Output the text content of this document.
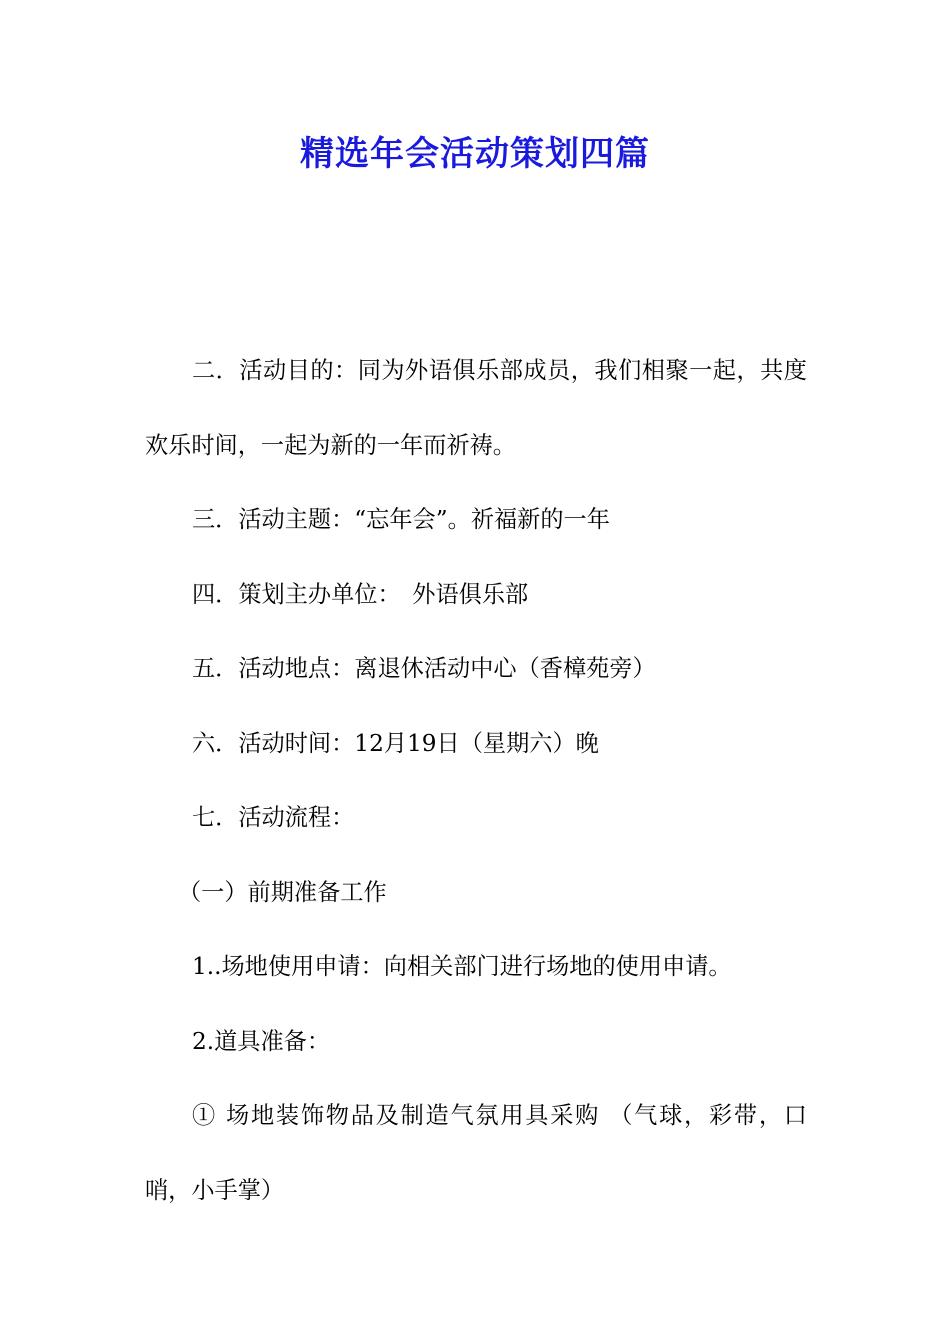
精选年会活动策划四篇

二．活动目的：同为外语俱乐部成员，我们相聚一起，共度欢乐时间，一起为新的一年而祈祷。

三．活动主题：“忘年会”。祈福新的一年

四．策划主办单位：　外语俱乐部

五．活动地点：离退休活动中心（香樟苑旁）

六．活动时间：12月19日（星期六）晚

七．活动流程：

（一）前期准备工作

1..场地使用申请：向相关部门进行场地的使用申请。

2.道具准备：

① 场地装饰物品及制造气氛用具采购 （气球，彩带，口哨，小手掌）
